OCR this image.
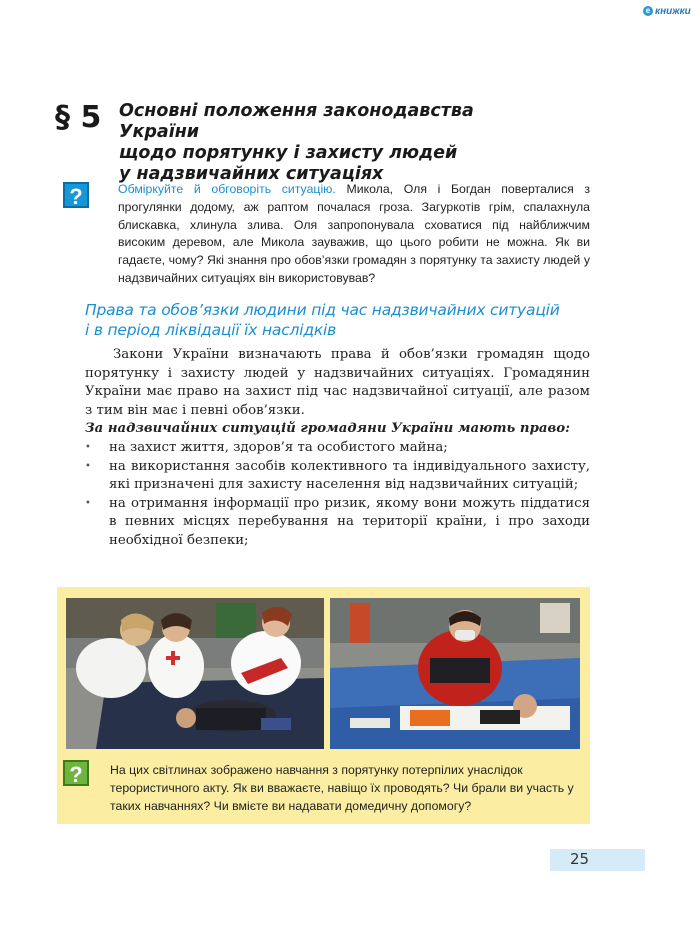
е книжки
§ 5 Основні положення законодавства України
щодо порятунку і захисту людей
у надзвичайних ситуаціях
?	Обміркуйте й обговоріть ситуацію. Микола, Оля і Богдан поверталися з прогулянки додому, аж раптом почалася гроза. Загуркотів грім, спалахнула блискавка, хлинула злива. Оля запропонувала сховатися під найближчим високим деревом, але Микола зауважив, що цього робити не можна. Як ви гадаєте, чому? Які знання про обов’язки громадян з порятунку та захисту людей у надзвичайних ситуаціях він використовував?
Права та обов’язки людини під час надзвичайних ситуацій
і в період ліквідації їх наслідків

Закони України визначають права й обов’язки громадян щодо порятунку і захисту людей у надзвичайних ситуаціях. Громадянин України має право на захист під час надзвичайної ситуації, але разом з тим він має і певні обов’язки.

За надзвичайних ситуацій громадяни України мають право:

• на захист життя, здоров’я та особистого майна;
• на використання засобів колективного та індивідуального захисту, які призначені для захисту населення від надзвичайних ситуацій;
• на отримання інформації про ризик, якому вони можуть піддатися в певних місцях перебування на території країни, і про заходи необхідної безпеки;
?	На цих світлинах зображено навчання з порятунку потерпілих унаслідок терористичного акту. Як ви вважаєте, навіщо їх проводять? Чи брали ви участь у таких навчаннях? Чи вмієте ви надавати домедичну допомогу?
25
